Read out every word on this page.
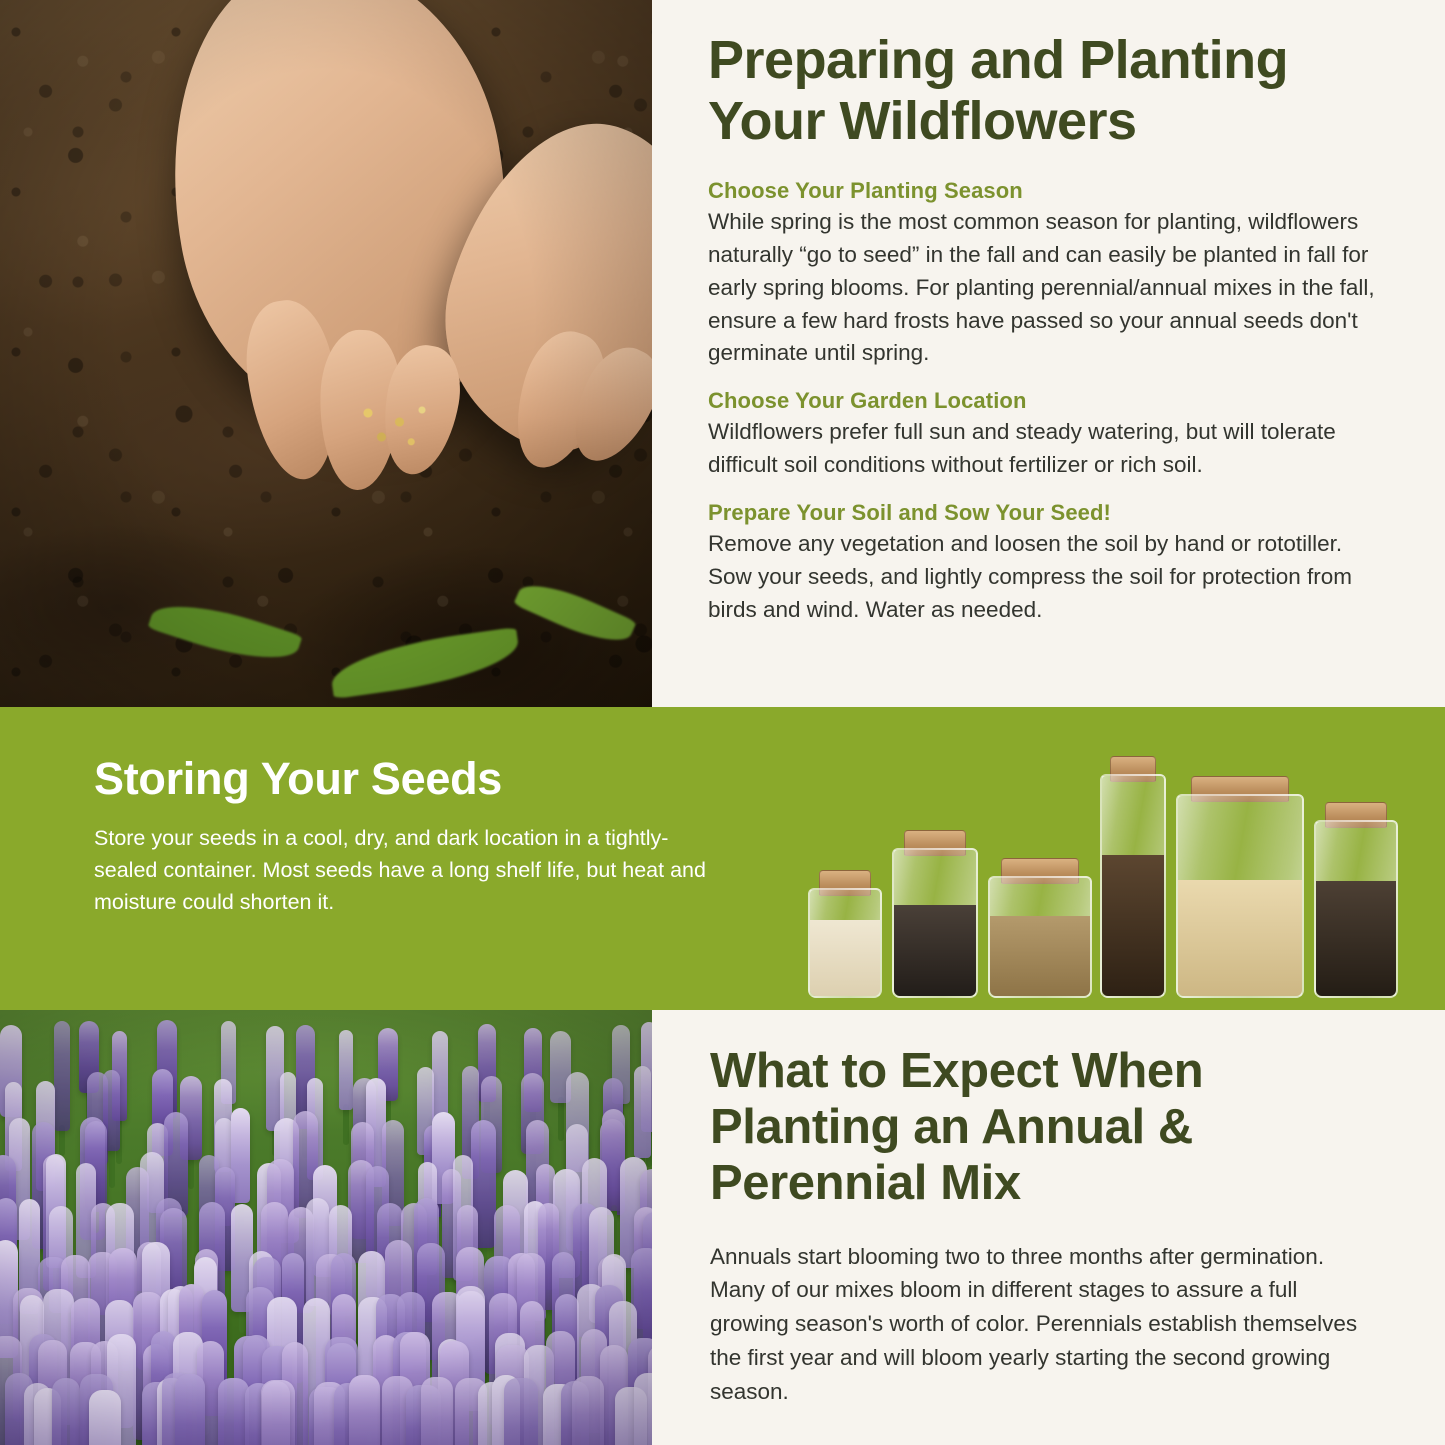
Preparing and Planting Your Wildflowers
Choose Your Planting Season
While spring is the most common season for planting, wildflowers naturally “go to seed” in the fall and can easily be planted in fall for early spring blooms. For planting perennial/annual mixes in the fall, ensure a few hard frosts have passed so your annual seeds don't germinate until spring.
Choose Your Garden Location
Wildflowers prefer full sun and steady watering, but will tolerate difficult soil conditions without fertilizer or rich soil.
Prepare Your Soil and Sow Your Seed!
Remove any vegetation and loosen the soil by hand or rototiller. Sow your seeds, and lightly compress the soil for protection from birds and wind. Water as needed.
Storing Your Seeds
Store your seeds in a cool, dry, and dark location in a tightly-sealed container. Most seeds have a long shelf life, but heat and moisture could shorten it.
What to Expect When Planting an Annual & Perennial Mix
Annuals start blooming two to three months after germination. Many of our mixes bloom in different stages to assure a full growing season's worth of color. Perennials establish themselves the first year and will bloom yearly starting the second growing season.
